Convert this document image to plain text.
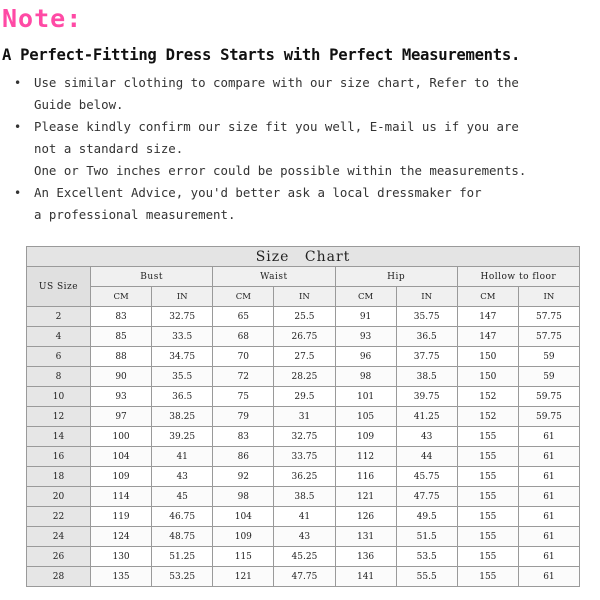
Note:
A Perfect-Fitting Dress Starts with Perfect Measurements.
• Use similar clothing to compare with our size chart, Refer to the
Guide below.
• Please kindly confirm our size fit you well, E-mail us if you are
not a standard size.
One or Two inches error could be possible within the measurements.
• An Excellent Advice, you'd better ask a local dressmaker for
a professional measurement.
Size Chart								
US Size	Bust		Waist		Hip		Hollow to floor	
	CM	IN	CM	IN	CM	IN	CM	IN
2	83	32.75	65	25.5	91	35.75	147	57.75
4	85	33.5	68	26.75	93	36.5	147	57.75
6	88	34.75	70	27.5	96	37.75	150	59
8	90	35.5	72	28.25	98	38.5	150	59
10	93	36.5	75	29.5	101	39.75	152	59.75
12	97	38.25	79	31	105	41.25	152	59.75
14	100	39.25	83	32.75	109	43	155	61
16	104	41	86	33.75	112	44	155	61
18	109	43	92	36.25	116	45.75	155	61
20	114	45	98	38.5	121	47.75	155	61
22	119	46.75	104	41	126	49.5	155	61
24	124	48.75	109	43	131	51.5	155	61
26	130	51.25	115	45.25	136	53.5	155	61
28	135	53.25	121	47.75	141	55.5	155	61
